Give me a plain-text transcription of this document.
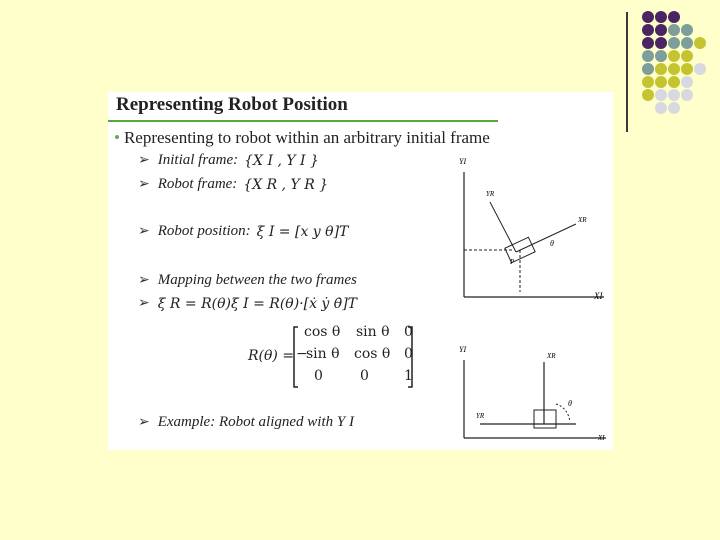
Representing Robot Position
• Representing to robot within an arbitrary initial frame
➢ Initial frame: {X I , Y I }
➢ Robot frame: {X R , Y R }
➢ Robot position: ξ I = [x y θ]T
➢ Mapping between the two frames
➢ ξ R = R(θ)ξ I = R(θ)·[ẋ ẏ θ̇]T
R(θ) =
cos θ sin θ 0
−
sin θ cos θ 0
0	0	1
➢ Example: Robot aligned with Y I
YI
XI
YR
XR
P
θ
YI
XI
XR
YR
θ
